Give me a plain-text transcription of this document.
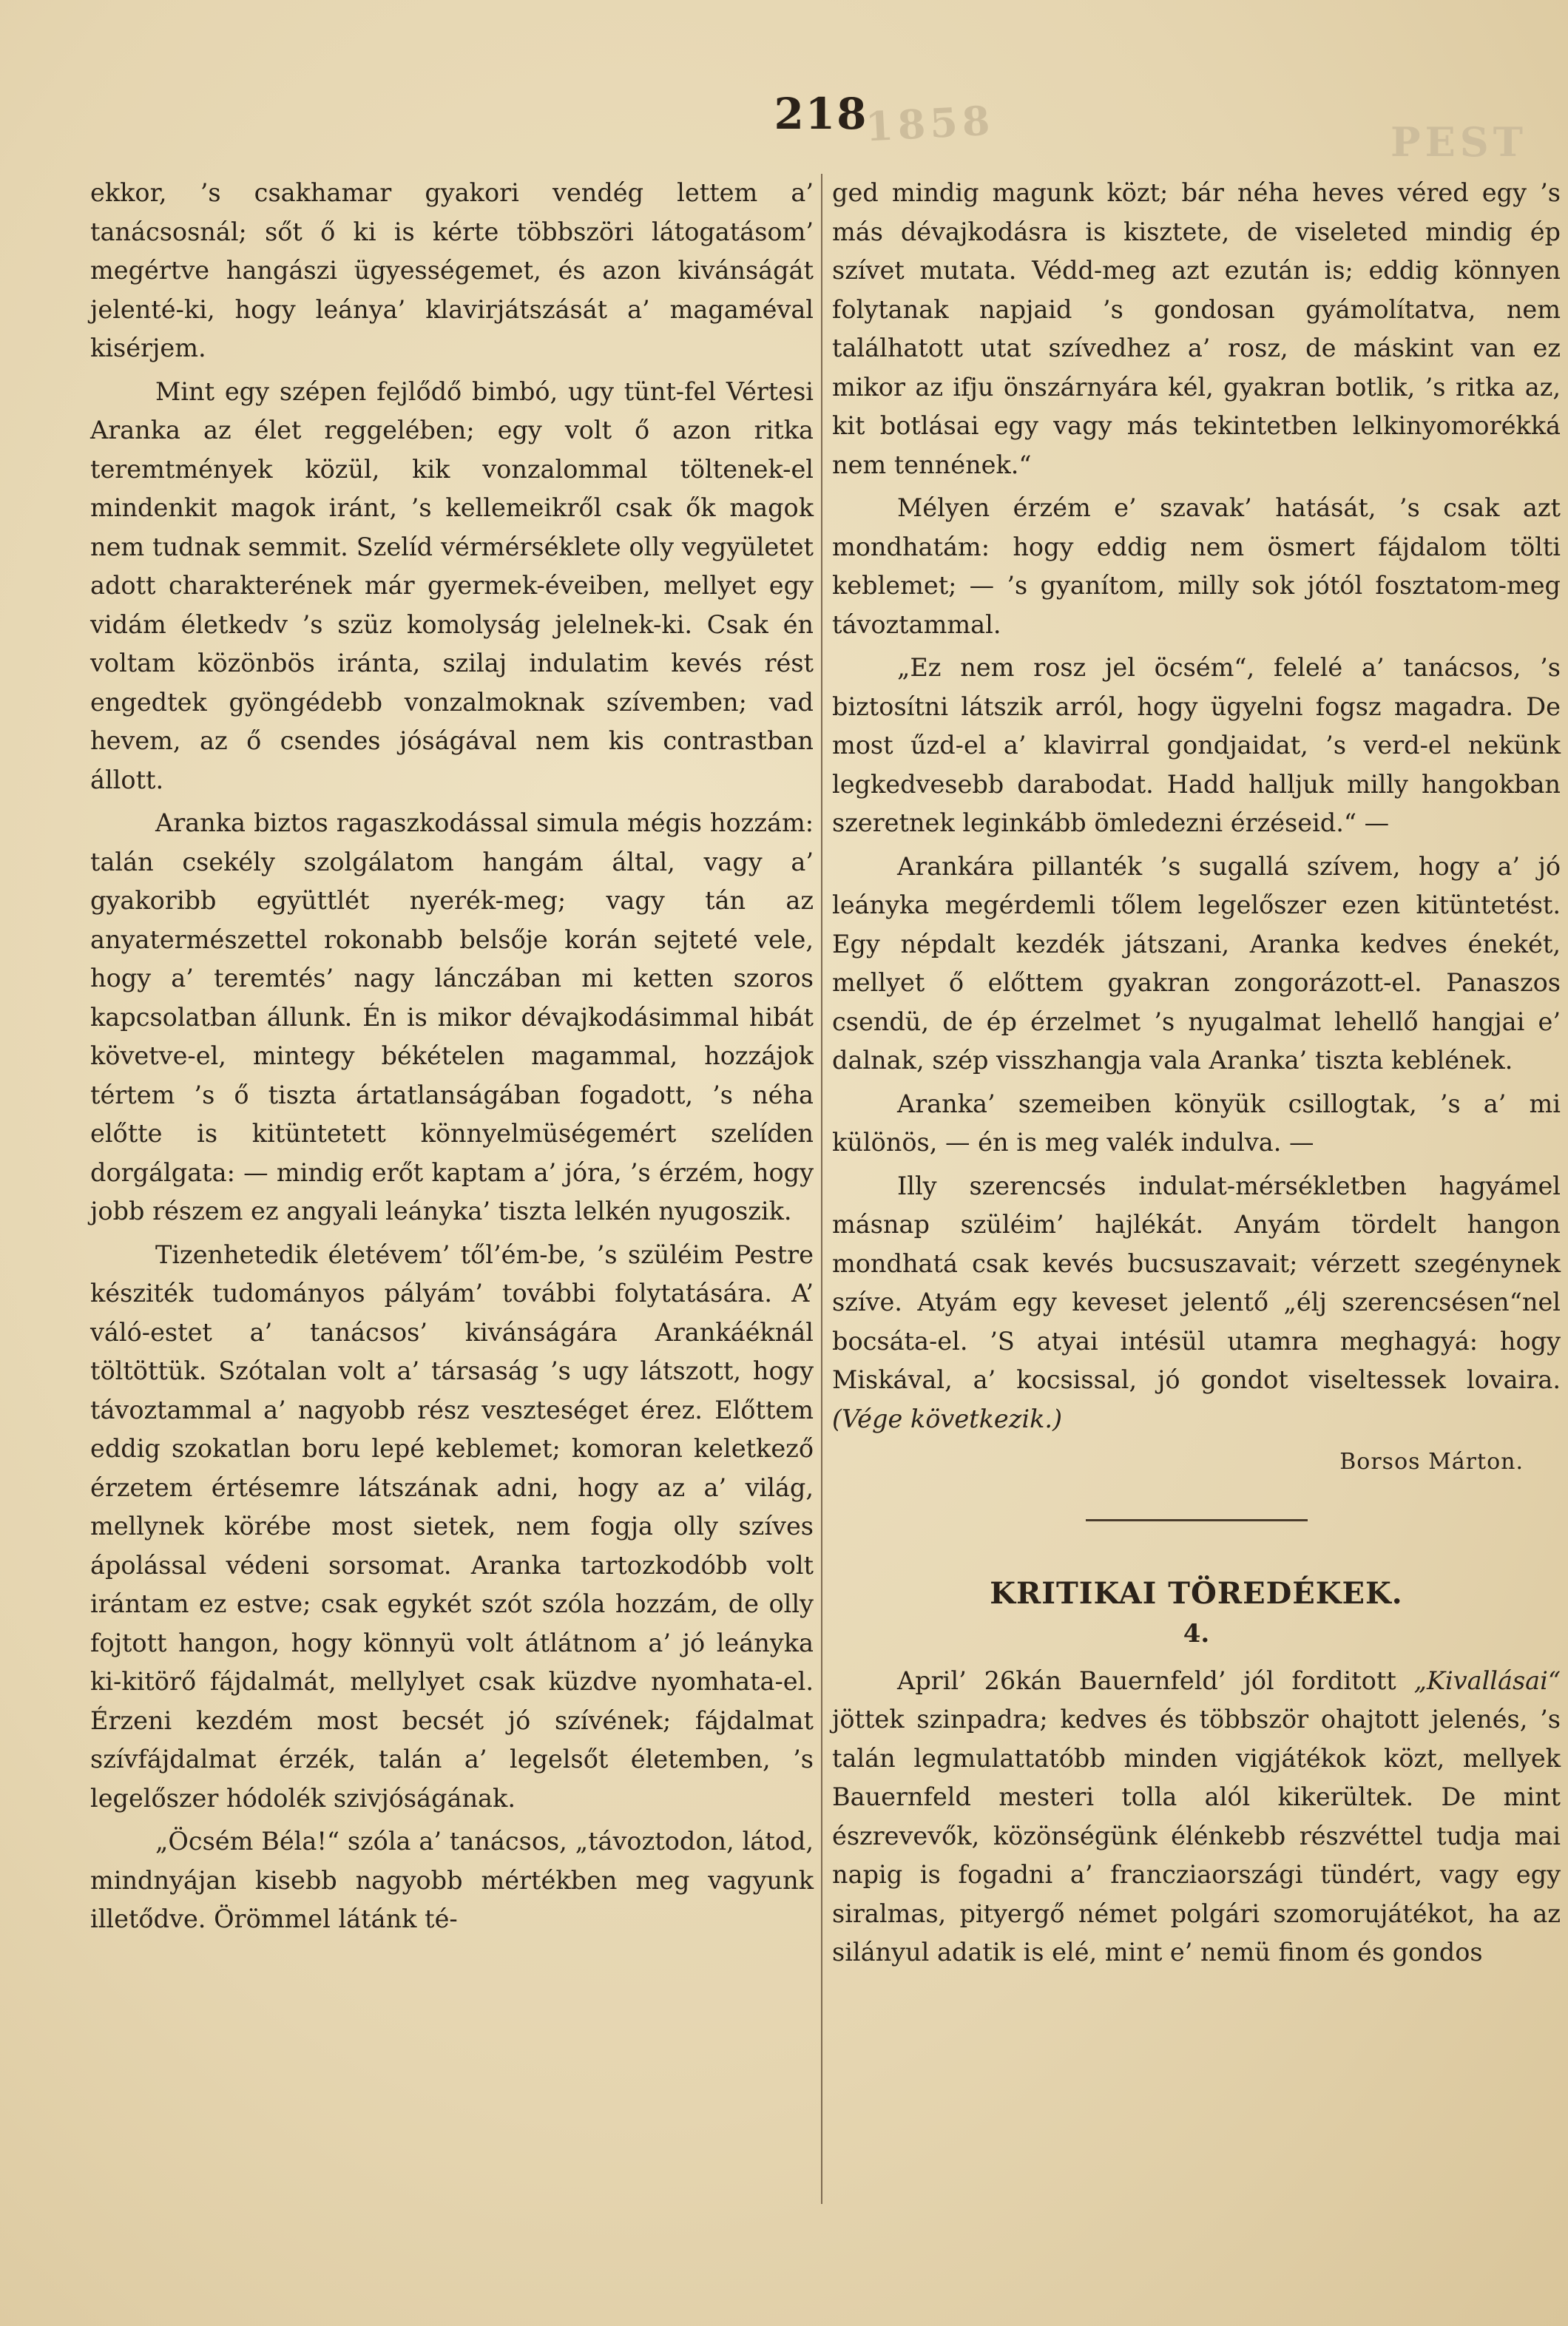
1858	PEST
218

ekkor, ’s csakhamar gyakori vendég lettem a’ tanácsosnál; sőt ő ki is kérte többszöri látogatásom’ megértve hangászi ügyességemet, és azon kivánságát jelenté-ki, hogy leánya’ klavirjátszását a’ magaméval kisérjem.

Mint egy szépen fejlődő bimbó, ugy tünt-fel Vértesi Aranka az élet reggelében; egy volt ő azon ritka teremtmények közül, kik vonzalommal töltenek-el mindenkit magok iránt, ’s kellemeikről csak ők magok nem tudnak semmit. Szelíd vérmérséklete olly vegyületet adott charakterének már gyermek-éveiben, mellyet egy vidám életkedv ’s szüz komolyság jelelnek-ki. Csak én voltam közönbös iránta, szilaj indulatim kevés rést engedtek gyöngédebb vonzalmoknak szívemben; vad hevem, az ő csendes jóságával nem kis contrastban állott.

Aranka biztos ragaszkodással simula mégis hozzám: talán csekély szolgálatom hangám által, vagy a’ gyakoribb együttlét nyerék-meg; vagy tán az anyatermészettel rokonabb belsője korán sejteté vele, hogy a’ teremtés’ nagy lánczában mi ketten szoros kapcsolatban állunk. Én is mikor dévajkodásimmal hibát követve-el, mintegy békételen magammal, hozzájok tértem ’s ő tiszta ártatlanságában fogadott, ’s néha előtte is kitüntetett könnyelmüségemért szelíden dorgálgata: — mindig erőt kaptam a’ jóra, ’s érzém, hogy jobb részem ez angyali leányka’ tiszta lelkén nyugoszik.

Tizenhetedik életévem’ től’ém-be, ’s szüléim Pestre késziték tudományos pályám’ további folytatására. A’ váló-estet a’ tanácsos’ kivánságára Arankáéknál töltöttük. Szótalan volt a’ társaság ’s ugy látszott, hogy távoztammal a’ nagyobb rész veszteséget érez. Előttem eddig szokatlan boru lepé keblemet; komoran keletkező érzetem értésemre látszának adni, hogy az a’ világ, mellynek körébe most sietek, nem fogja olly szíves ápolással védeni sorsomat. Aranka tartozkodóbb volt irántam ez estve; csak egykét szót szóla hozzám, de olly fojtott hangon, hogy könnyü volt átlátnom a’ jó leányka ki-kitörő fájdalmát, mellylyet csak küzdve nyomhata-el. Érzeni kezdém most becsét jó szívének; fájdalmat szívfájdalmat érzék, talán a’ legelsőt életemben, ’s legelőszer hódolék szivjóságának.

„Öcsém Béla!“ szóla a’ tanácsos, „távoztodon, látod, mindnyájan kisebb nagyobb mértékben meg vagyunk illetődve. Örömmel látánk té-

ged mindig magunk közt; bár néha heves véred egy ’s más dévajkodásra is kisztete, de viseleted mindig ép szívet mutata. Védd-meg azt ezután is; eddig könnyen folytanak napjaid ’s gondosan gyámolítatva, nem találhatott utat szívedhez a’ rosz, de máskint van ez mikor az ifju önszárnyára kél, gyakran botlik, ’s ritka az, kit botlásai egy vagy más tekintetben lelkinyomorékká nem tennének.“

Mélyen érzém e’ szavak’ hatását, ’s csak azt mondhatám: hogy eddig nem ösmert fájdalom tölti keblemet; — ’s gyanítom, milly sok jótól fosztatom-meg távoztammal.

„Ez nem rosz jel öcsém“, felelé a’ tanácsos, ’s biztosítni látszik arról, hogy ügyelni fogsz magadra. De most űzd-el a’ klavirral gondjaidat, ’s verd-el nekünk legkedvesebb darabodat. Hadd halljuk milly hangokban szeretnek leginkább ömledezni érzéseid.“ —

Arankára pillanték ’s sugallá szívem, hogy a’ jó leányka megérdemli tőlem legelőszer ezen kitüntetést. Egy népdalt kezdék játszani, Aranka kedves énekét, mellyet ő előttem gyakran zongorázott-el. Panaszos csendü, de ép érzelmet ’s nyugalmat lehellő hangjai e’ dalnak, szép visszhangja vala Aranka’ tiszta keblének.

Aranka’ szemeiben könyük csillogtak, ’s a’ mi különös, — én is meg valék indulva. —

Illy szerencsés indulat-mérsékletben hagyámel másnap szüléim’ hajlékát. Anyám tördelt hangon mondhatá csak kevés bucsuszavait; vérzett szegénynek szíve. Atyám egy keveset jelentő „élj szerencsésen“nel bocsáta-el. ’S atyai intésül utamra meghagyá: hogy Miskával, a’ kocsissal, jó gondot viseltessek lovaira. (Vége következik.)

Borsos Márton.
KRITIKAI TÖREDÉKEK.
4.

April’ 26kán Bauernfeld’ jól forditott „Kivallásai“ jöttek szinpadra; kedves és többször ohajtott jelenés, ’s talán legmulattatóbb minden vigjátékok közt, mellyek Bauernfeld mesteri tolla alól kikerültek. De mint észrevevők, közönségünk élénkebb részvéttel tudja mai napig is fogadni a’ francziaországi tündért, vagy egy siralmas, pityergő német polgári szomorujátékot, ha az silányul adatik is elé, mint e’ nemü finom és gondos
